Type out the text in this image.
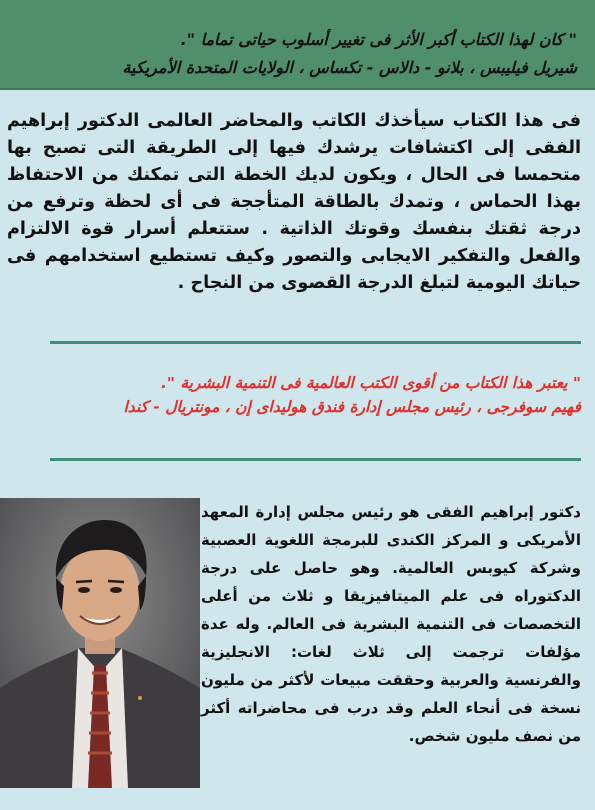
" كان لهذا الكتاب أكبر الأثر فى تغيير أسلوب حياتى تماما ".
شيريل فيليبس ، بلانو - دالاس - تكساس ، الولايات المتحدة الأمريكية
فى هذا الكتاب سيأخذك الكاتب والمحاضر العالمى الدكتور إبراهيم الفقى إلى اكتشافات يرشدك فيها إلى الطريقة التى تصبح بها متحمسا فى الحال ، ويكون لديك الخطة التى تمكنك من الاحتفاظ بهذا الحماس ، وتمدك بالطاقة المتأججة فى أى لحظة وترفع من درجة ثقتك بنفسك وقوتك الذاتية . ستتعلم أسرار قوة الالتزام والفعل والتفكير الايجابى والتصور وكيف تستطيع استخدامهم فى حياتك اليومية لتبلغ الدرجة القصوى من النجاح .
" يعتبر هذا الكتاب من أقوى الكتب العالمية فى التنمية البشرية ".
فهيم سوفرجى ، رئيس مجلس إدارة فندق هوليداى إن ، مونتريال - كندا
دكتور إبراهيم الفقى هو رئيس مجلس إدارة المعهد الأمريكى و المركز الكندى للبرمجة اللغوية العصبية وشركة كيوبس العالمية. وهو حاصل على درجة الدكتوراه فى علم الميتافيزيقا و ثلاث من أعلى التخصصات فى التنمية البشرية فى العالم. وله عدة مؤلفات ترجمت إلى ثلاث لغات: الانجليزية والفرنسية والعربية وحققت مبيعات لأكثر من مليون نسخة فى أنحاء العلم وقد درب فى محاضراته أكثر من نصف مليون شخص.
